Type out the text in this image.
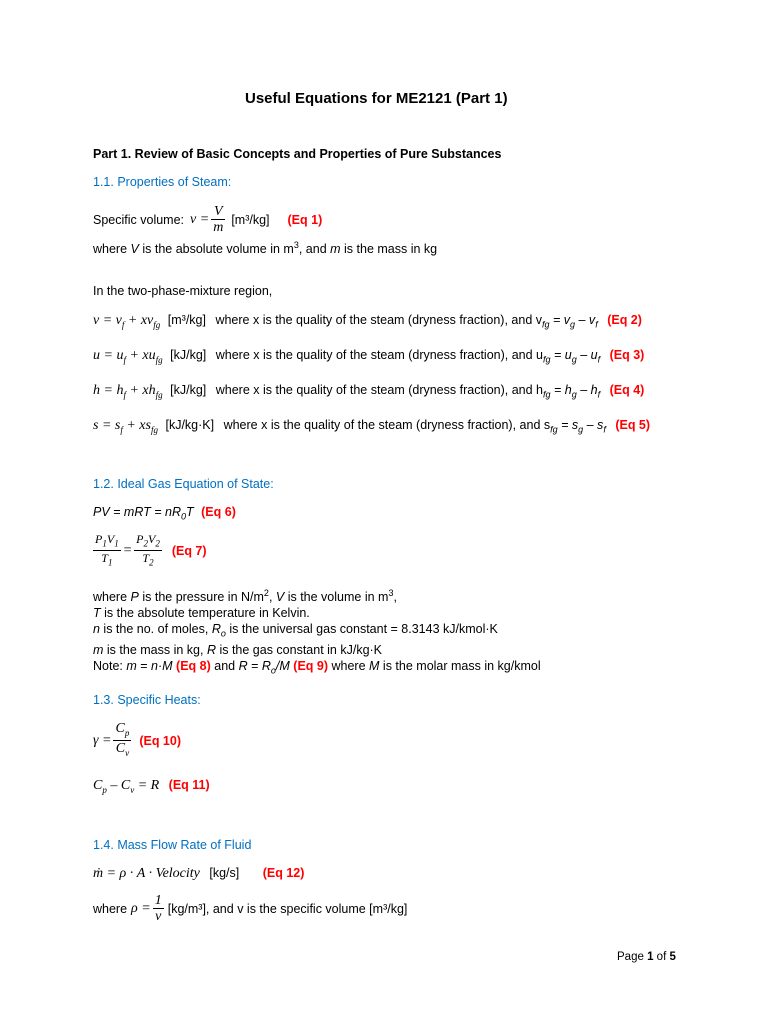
Useful Equations for ME2121 (Part 1)
Part 1. Review of Basic Concepts and Properties of Pure Substances
1.1. Properties of Steam:
Specific volume: $v = \frac{V}{m} [m^3/kg]$ (Eq 1)
where V is the absolute volume in $m^3$, and m is the mass in kg
In the two-phase-mixture region,
$v = v_f + xv_{fg}$ [m³/kg] where x is the quality of the steam (dryness fraction), and $v_{fg} = v_g - v_f$ (Eq 2)
$u = u_f + xu_{fg}$ [kJ/kg] where x is the quality of the steam (dryness fraction), and $u_{fg} = u_g - u_f$ (Eq 3)
$h = h_f + xh_{fg}$ [kJ/kg] where x is the quality of the steam (dryness fraction), and $h_{fg} = h_g - h_f$ (Eq 4)
$s = s_f + xs_{fg}$ [kJ/kg·K] where x is the quality of the steam (dryness fraction), and $s_{fg} = s_g - s_f$ (Eq 5)
1.2. Ideal Gas Equation of State:
PV = mRT = $nR_0T$ (Eq 6)
$\frac{P_1V_1}{T_1} = \frac{P_2V_2}{T_2} (Eq$ 7)
where P is the pressure in $N/m^2$, V is the volume in $m^3$,
T is the absolute temperature in Kelvin.
n is the no. of moles, $R_o$ is the universal gas constant = 8.3143 kJ/kmol·K
m is the mass in kg, R is the gas constant in kJ/kg·K
Note: m = n·M (Eq 8) and $R = R_o/M$ (Eq 9) where M is the molar mass in kg/kmol
1.3. Specific Heats:
$\gamma = \frac{C_p}{C_v} (Eq$ 10)
$C_p - C_v = R$ (Eq 11)
1.4. Mass Flow Rate of Fluid
ṁ = ρ · A · Velocity [kg/s] (Eq 12)
where $\rho = \frac{1}{v} [kg/m^3]$, and v is the specific volume [m³/kg]
Page 1 of 5
